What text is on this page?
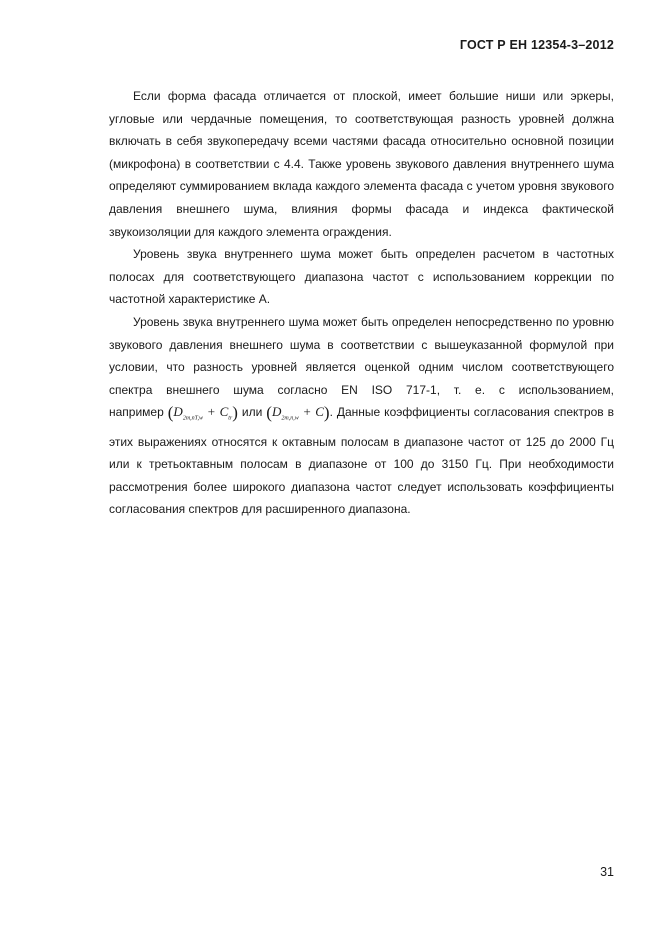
ГОСТ Р ЕН 12354-3–2012

Если форма фасада отличается от плоской, имеет большие ниши или эркеры, угловые или чердачные помещения, то соответствующая разность уровней должна включать в себя звукопередачу всеми частями фасада относительно основной позиции (микрофона) в соответствии с 4.4. Также уровень звукового давления внутреннего шума определяют суммированием вклада каждого элемента фасада с учетом уровня звукового давления внешнего шума, влияния формы фасада и индекса фактической звукоизоляции для каждого элемента ограждения.

Уровень звука внутреннего шума может быть определен расчетом в частотных полосах для соответствующего диапазона частот с использованием коррекции по частотной характеристике А.

Уровень звука внутреннего шума может быть определен непосредственно по уровню звукового давления внешнего шума в соответствии с вышеуказанной формулой при условии, что разность уровней является оценкой одним числом соответствующего спектра внешнего шума согласно EN ISO 717-1, т. е. с использованием, например $(D_{2m,nT,w} + C_{tr})$ или $(D_{2m,n,w} + C)$. Данные коэффициенты согласования спектров в этих выражениях относятся к октавным полосам в диапазоне частот от 125 до 2000 Гц или к третьоктавным полосам в диапазоне от 100 до 3150 Гц. При необходимости рассмотрения более широкого диапазона частот следует использовать коэффициенты согласования спектров для расширенного диапазона.

31
